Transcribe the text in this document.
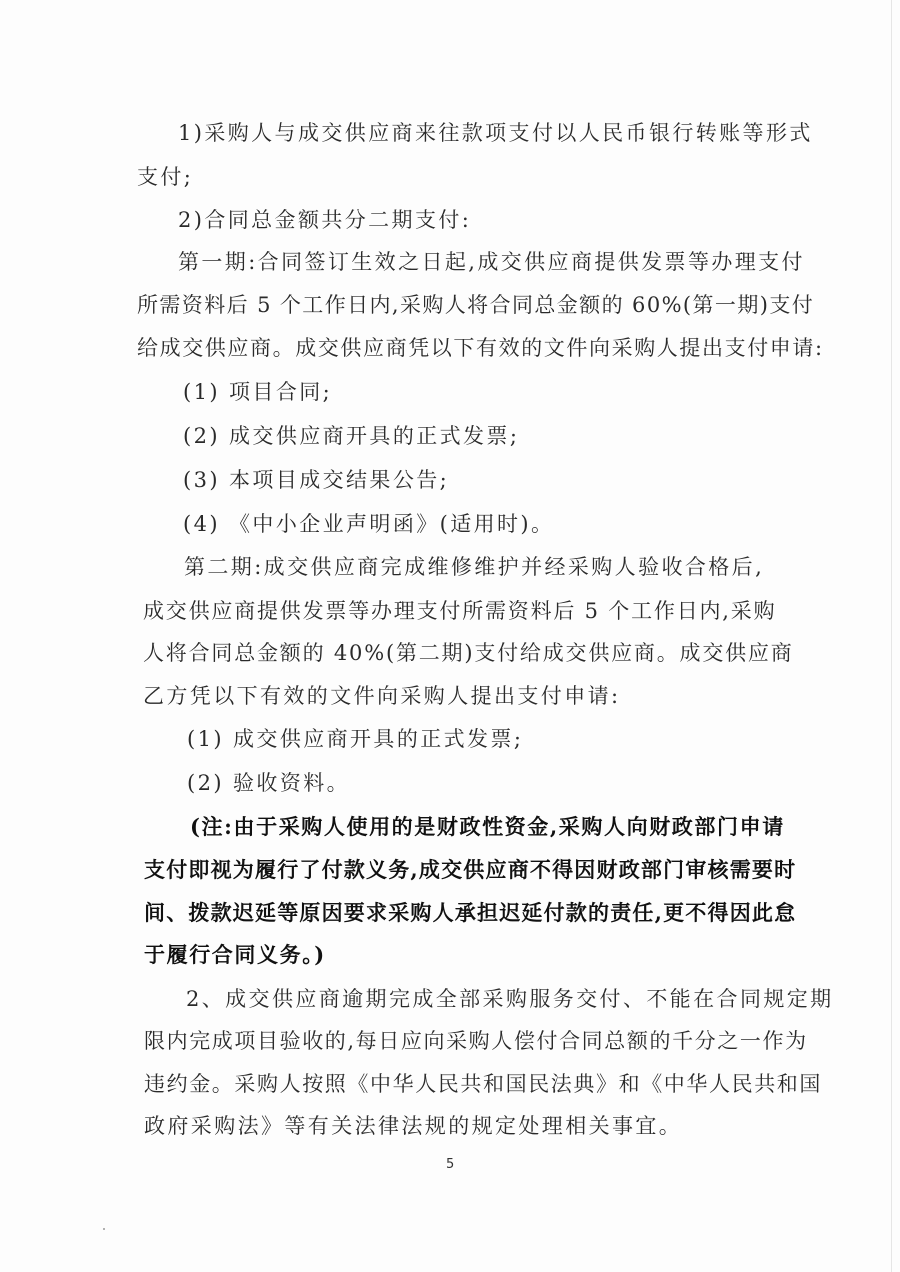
1)采购人与成交供应商来往款项支付以人民币银行转账等形式
支付;
2)合同总金额共分二期支付:
第一期:合同签订生效之日起,成交供应商提供发票等办理支付
所需资料后 5 个工作日内,采购人将合同总金额的 60%(第一期)支付
给成交供应商。成交供应商凭以下有效的文件向采购人提出支付申请:
(1) 项目合同;
(2) 成交供应商开具的正式发票;
(3) 本项目成交结果公告;
(4) 《中小企业声明函》(适用时)。
第二期:成交供应商完成维修维护并经采购人验收合格后,
成交供应商提供发票等办理支付所需资料后 5 个工作日内,采购
人将合同总金额的 40%(第二期)支付给成交供应商。成交供应商
乙方凭以下有效的文件向采购人提出支付申请:
(1) 成交供应商开具的正式发票;
(2) 验收资料。
(注:由于采购人使用的是财政性资金,采购人向财政部门申请
支付即视为履行了付款义务,成交供应商不得因财政部门审核需要时
间、拨款迟延等原因要求采购人承担迟延付款的责任,更不得因此怠
于履行合同义务。)
2、成交供应商逾期完成全部采购服务交付、不能在合同规定期
限内完成项目验收的,每日应向采购人偿付合同总额的千分之一作为
违约金。采购人按照《中华人民共和国民法典》和《中华人民共和国
政府采购法》等有关法律法规的规定处理相关事宜。
5
